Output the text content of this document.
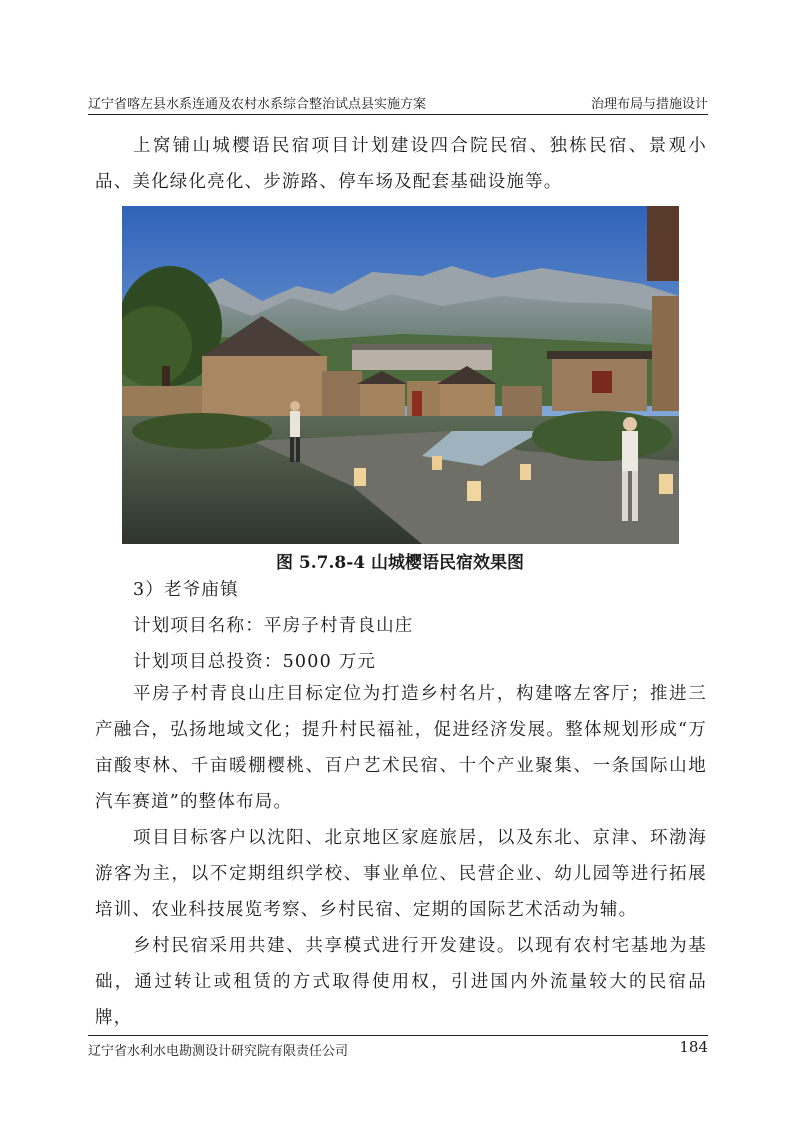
辽宁省喀左县水系连通及农村水系综合整治试点县实施方案	治理布局与措施设计
上窝铺山城樱语民宿项目计划建设四合院民宿、独栋民宿、景观小品、美化绿化亮化、步游路、停车场及配套基础设施等。
图 5.7.8-4 山城樱语民宿效果图
3）老爷庙镇
计划项目名称：平房子村青良山庄
计划项目总投资：5000 万元
平房子村青良山庄目标定位为打造乡村名片，构建喀左客厅；推进三产融合，弘扬地域文化；提升村民福祉，促进经济发展。整体规划形成“万亩酸枣林、千亩暖棚樱桃、百户艺术民宿、十个产业聚集、一条国际山地汽车赛道”的整体布局。
项目目标客户以沈阳、北京地区家庭旅居，以及东北、京津、环渤海游客为主，以不定期组织学校、事业单位、民营企业、幼儿园等进行拓展培训、农业科技展览考察、乡村民宿、定期的国际艺术活动为辅。
乡村民宿采用共建、共享模式进行开发建设。以现有农村宅基地为基础，通过转让或租赁的方式取得使用权，引进国内外流量较大的民宿品牌，
辽宁省水利水电勘测设计研究院有限责任公司	184
